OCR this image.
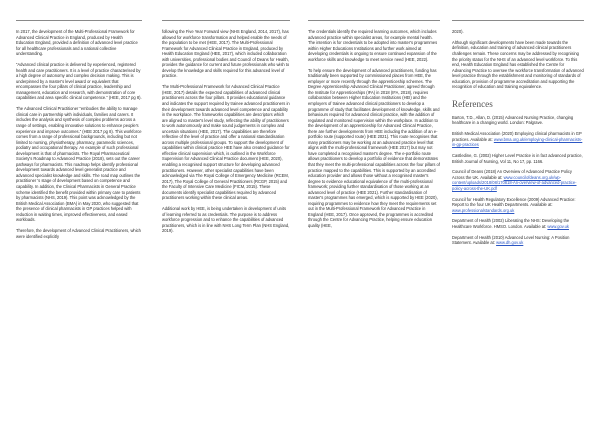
In 2017, the development of the Multi-Professional Framework for Advanced Clinical Practice in England, produced by Health Education England, provided a definition of advanced level practice for all healthcare professionals and a national collective understanding.

“Advanced clinical practice is delivered by experienced, registered health and care practitioners. It is a level of practice characterised by a high degree of autonomy and complex decision making. This is underpinned by a master's level award or equivalent that encompasses the four pillars of clinical practice, leadership and management, education and research, with demonstration of core capabilities and area specific clinical competence.” (HEE, 2017 pg 8).

The Advanced Clinical Practitioner “embodies the ability to manage clinical care in partnership with individuals, families and carers. It includes the analysis and synthesis of complex problems across a range of settings, enabling innovative solutions to enhance people's experience and improve outcomes.” (HEE 2017 pg 8). This workforce comes from a range of professional backgrounds, including but not limited to nursing, physiotherapy, pharmacy, paramedic sciences, podiatry and occupational therapy. An example of such professional development is that of pharmacists. The Royal Pharmaceutical Society's Roadmap to Advanced Practice (2018), sets out the career pathways for pharmacists. This roadmap helps identify professional development towards advanced level generalist practice and advanced specialist knowledge and skills. The road map outlines the practitioner 's stage of development based on competence and capability. In addition, the Clinical Pharmacists in General Practice scheme identified the benefit provided within primary care to patients by pharmacists (NHS, 2019). This point was acknowledged by the British Medical Association (BMA) in May 2020, who suggested that the presence of clinical pharmacists in GP practices helped with reduction in waiting times, improved effectiveness, and eased workloads.

Therefore, the development of Advanced Clinical Practitioners, which were identified explicitly

following the Five Year Forward view (NHS England, 2014, 2017), has allowed for workforce transformation and helped enable the needs of the population to be met (HEE, 2017). The Multi-Professional Framework for Advanced Clinical Practice in England, produced by Health Education England (HEE, 2017), which included collaboration with universities, professional bodies and Council of Deans for Health, provides the guidance for current and future professionals who wish to develop the knowledge and skills required for this advanced level of practice.

The Multi-Professional Framework for Advanced Clinical Practice (HEE, 2017) details the expected capabilities of advanced clinical practitioners across the four pillars. It provides educational guidance and indicates the support required by trainee advanced practitioners in their development towards advanced level competence and capability in the workplace. The frameworks capabilities are descriptors which are aligned to master's level study, reflecting the ability of practitioners to work autonomously and make sound judgements in complex and uncertain situations (HEE, 2017). The capabilities are therefore reflective of the level of practice and offer a national standardisation across multiple professional groups. To support the development of capabilities within clinical practice HEE have also created guidance for effective clinical supervision which, is outlined in the Workforce Supervision for Advanced Clinical Practice document (HEE, 2020), enabling a recognised support structure for developing advanced practitioners. However, other specialist capabilities have been acknowledged via The Royal College of Emergency Medicine (RCEM, 2017), The Royal College of General Practitioners (RCGP, 2015) and the Faculty of Intensive Care Medicine (FICM, 2015). These documents identify specialist capabilities required by advanced practitioners working within these clinical areas.

Additional work by HEE, is being undertaken in development of units of learning referred to as credentials. The purpose is to address workforce progression and to enhance the capabilities of advanced practitioners, which is in line with NHS Long Term Plan (NHS England, 2019).

The credentials identify the required learning outcomes, which includes advanced practice within specialist areas, for example mental health. The intention is for credentials to be adopted into master's programmes within Higher Educations Institutions and further work aimed at developing credentials is ongoing to ensure continued expansion of the workforce skills and knowledge to meet service need (HEE, 2022).

To help ensure the development of advanced practitioners, funding has traditionally been supported by commissioned places from HEE, the employer or more recently through the apprenticeship schemes. The Degree Apprenticeship Advanced Clinical Practitioner, agreed through the Institute for Apprenticeships (IFA) in 2018 (IFA, 2018), requires collaboration between Higher Education Institutions (HEI) and the employers of trainee advanced clinical practitioners to develop a programme of study that facilitates development of knowledge, skills and behaviours required for advanced clinical practice, with the addition of regulated and monitored supervision within the workplace. In addition to the development of an apprenticeship for Advanced Clinical Practice, there are further developments from HEE including the addition of an e-portfolio route (supported route) (HEE 2021). This route recognises that many practitioners may be working at an advanced practice level that aligns with the multi-professional framework (HEE 2017) but may not have completed a recognised master's degree. The e-portfolio route allows practitioners to develop a portfolio of evidence that demonstrates that they meet the multi-professional capabilities across the four pillars of practice mapped to the capabilities. This is supported by an accredited education provider and allows those without a recognised master's degree to evidence educational equivalence of the multi-professional framework; providing further standardisation of those working at an advanced level of practice (HEE 2021). Further standardisation of master's programmes has emerged, which is supported by HEE (2020), requiring programmes to evidence how they meet the requirements set out in the Multi-Professional Framework for Advanced Practice in England (HEE, 2017). Once approved, the programmes is accredited through the Centre for Advancing Practice, helping ensure education quality (HEE,

2020).

Although significant developments have been made towards the definition, education and training of advanced clinical practitioners challenges remain. These concerns may be addressed by recognising the priority status for the NHS of an advanced level workforce. To this end, Health Education England has established the Centre for Advancing Practice to oversee the workforce transformation of advanced level practice through the establishment and monitoring of standards of education, provision of programme accreditation and supporting the recognition of education and training equivalence.

References

Barton, T.D., Allan, D. (2015) Advanced Nursing Practice, changing healthcare in a changing world. London: Palgrave.

British Medical Association (2020) Employing clinical pharmacists in GP practices. Available at: www.bma.org.uk/employing-clinical-pharmacists-in-gp-practices

Castledine, G. (2002) Higher Level Practice is in fact advanced practice, British Journal of Nursing, Vol 11, No 17, pp. 1166.

Council of Deans (2018) An Overview of Advanced Practice Policy Across the UK. Available at: www.councilofdeans.org.uk/wp-content/uploads/2018/08/170818-An-overview-of-advanced-practice-policy-across-the-UK.pdf

Council for Health Regulatory Excellence (2009) Advanced Practice: Report to the four UK Health Departments. Available at: www.professionalstandards.org.uk

Department of Health (2002) Liberating the NHS: Developing the Healthcare Workforce. HMSO. London. Available at: www.gov.uk

Department of Health (2010) Advanced Level Nursing: A Position Statement. Available at: www.dh.gov.uk
